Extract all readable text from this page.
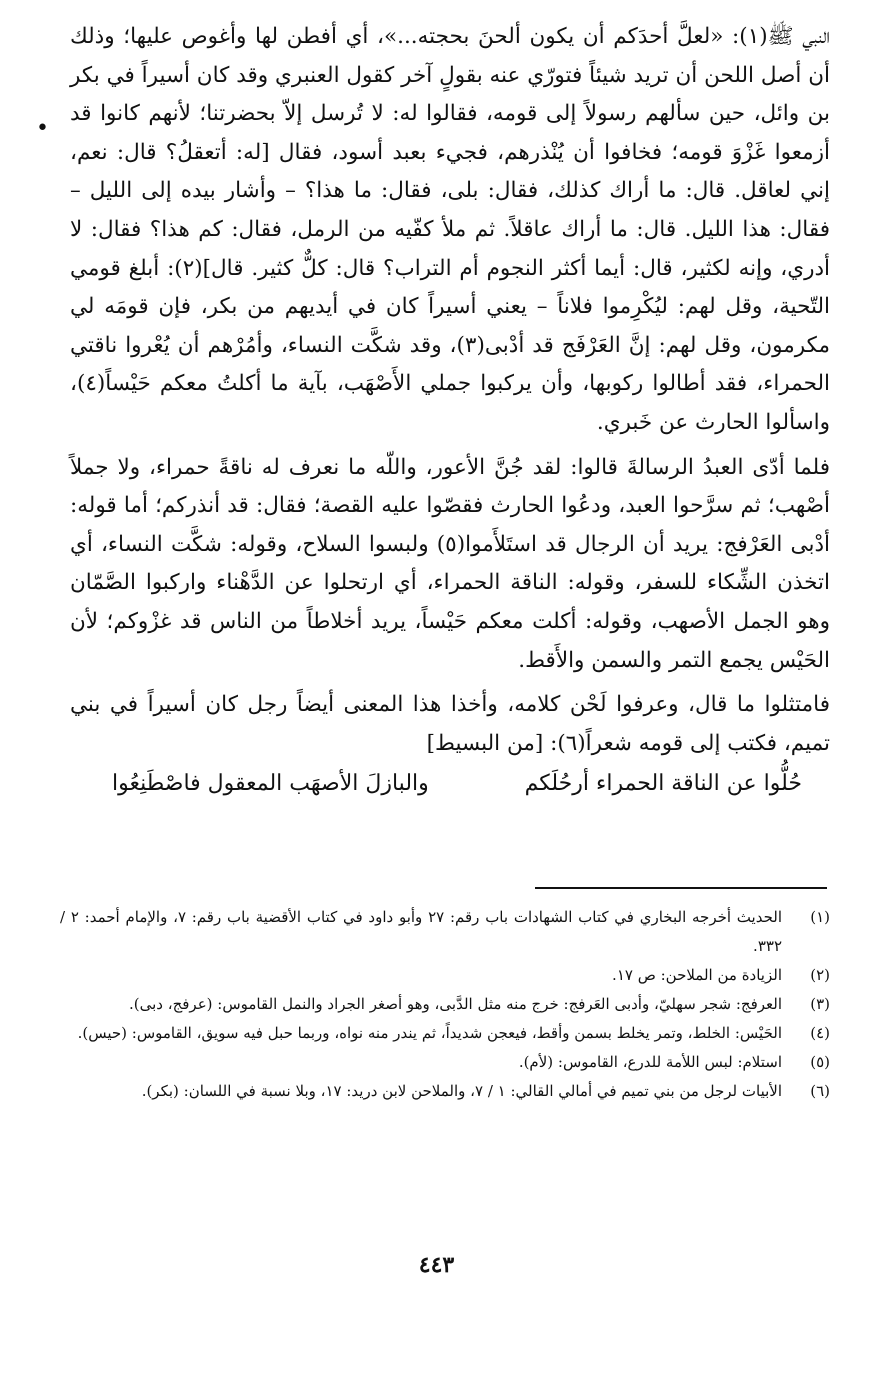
النبي ﷺ(١): «لعلَّ أحدَكم أن يكون ألحنَ بحجته...»، أي أفطن لها وأغوص عليها؛ وذلك أن أصل اللحن أن تريد شيئاً فتورّي عنه بقولٍ آخر كقول العنبري وقد كان أسيراً في بكر بن وائل، حين سألهم رسولاً إلى قومه، فقالوا له: لا تُرسل إلاّ بحضرتنا؛ لأنهم كانوا قد أزمعوا غَزْوَ قومه؛ فخافوا أن يُنْذرهم، فجيء بعبد أسود، فقال [له: أتعقلُ؟ قال: نعم، إني لعاقل. قال: ما أراك كذلك، فقال: بلى، فقال: ما هذا؟ – وأشار بيده إلى الليل – فقال: هذا الليل. قال: ما أراك عاقلاً. ثم ملأ كفّيه من الرمل، فقال: كم هذا؟ فقال: لا أدري، وإنه لكثير، قال: أيما أكثر النجوم أم التراب؟ قال: كلٌّ كثير. قال](٢): أبلغ قومي التّحية، وقل لهم: ليُكْرِموا فلاناً – يعني أسيراً كان في أيديهم من بكر، فإن قومَه لي مكرمون، وقل لهم: إنَّ العَرْفَج قد أدْبى(٣)، وقد شكَّت النساء، وأمُرْهم أن يُعْروا ناقتي الحمراء، فقد أطالوا ركوبها، وأن يركبوا جملي الأَصْهَب، بآية ما أكلتُ معكم حَيْساً(٤)، واسألوا الحارث عن خَبري.

فلما أدّى العبدُ الرسالةَ قالوا: لقد جُنَّ الأعور، واللّه ما نعرف له ناقةً حمراء، ولا جملاً أصْهب؛ ثم سرَّحوا العبد، ودعُوا الحارث فقصّوا عليه القصة؛ فقال: قد أنذركم؛ أما قوله: أدْبى العَرْفج: يريد أن الرجال قد استَلأَموا(٥) ولبسوا السلاح، وقوله: شكَّت النساء، أي اتخذن الشِّكاء للسفر، وقوله: الناقة الحمراء، أي ارتحلوا عن الدَّهْناء واركبوا الصَّمّان وهو الجمل الأصهب، وقوله: أكلت معكم حَيْساً، يريد أخلاطاً من الناس قد غزْوكم؛ لأن الحَيْس يجمع التمر والسمن والأَقط.

فامتثلوا ما قال، وعرفوا لَحْن كلامه، وأخذا هذا المعنى أيضاً رجل كان أسيراً في بني تميم، فكتب إلى قومه شعراً(٦): [من البسيط]

حُلُّوا عن الناقة الحمراء أرحُلَكم
والبازلَ الأصهَب المعقول فاصْطَنِعُوا
•
(١)
الحديث أخرجه البخاري في كتاب الشهادات باب رقم: ٢٧ وأبو داود في كتاب الأقضية باب رقم: ٧، والإمام أحمد: ٢ / ٣٣٢.
(٢)
الزيادة من الملاحن: ص ١٧.
(٣)
العرفج: شجر سهليّ، وأدبى العَرفج: خرج منه مثل الدَّبى، وهو أصغر الجراد والنمل القاموس: (عرفج، دبى).
(٤)
الحَيْس: الخلط، وتمر يخلط بسمن وأقط، فيعجن شديداً، ثم يندر منه نواه، وربما حبل فيه سويق، القاموس: (حيس).
(٥)
استلام: لبس اللأمة للدرع، القاموس: (لأم).
(٦)
الأبيات لرجل من بني تميم في أمالي القالي: ١ / ٧، والملاحن لابن دريد: ١٧، وبلا نسبة في اللسان: (بكر).
٤٤٣
